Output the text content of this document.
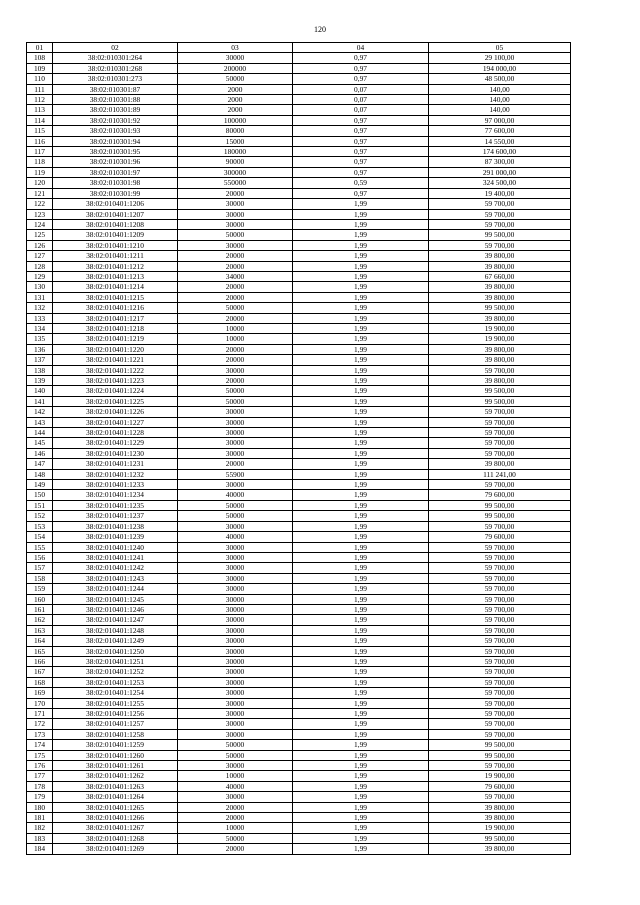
120
01	02	03	04	05
108	38:02:010301:264	30000	0,97	29 100,00
109	38:02:010301:268	200000	0,97	194 000,00
110	38:02:010301:273	50000	0,97	48 500,00
111	38:02:010301:87	2000	0,07	140,00
112	38:02:010301:88	2000	0,07	140,00
113	38:02:010301:89	2000	0,07	140,00
114	38:02:010301:92	100000	0,97	97 000,00
115	38:02:010301:93	80000	0,97	77 600,00
116	38:02:010301:94	15000	0,97	14 550,00
117	38:02:010301:95	180000	0,97	174 600,00
118	38:02:010301:96	90000	0,97	87 300,00
119	38:02:010301:97	300000	0,97	291 000,00
120	38:02:010301:98	550000	0,59	324 500,00
121	38:02:010301:99	20000	0,97	19 400,00
122	38:02:010401:1206	30000	1,99	59 700,00
123	38:02:010401:1207	30000	1,99	59 700,00
124	38:02:010401:1208	30000	1,99	59 700,00
125	38:02:010401:1209	50000	1,99	99 500,00
126	38:02:010401:1210	30000	1,99	59 700,00
127	38:02:010401:1211	20000	1,99	39 800,00
128	38:02:010401:1212	20000	1,99	39 800,00
129	38:02:010401:1213	34000	1,99	67 660,00
130	38:02:010401:1214	20000	1,99	39 800,00
131	38:02:010401:1215	20000	1,99	39 800,00
132	38:02:010401:1216	50000	1,99	99 500,00
133	38:02:010401:1217	20000	1,99	39 800,00
134	38:02:010401:1218	10000	1,99	19 900,00
135	38:02:010401:1219	10000	1,99	19 900,00
136	38:02:010401:1220	20000	1,99	39 800,00
137	38:02:010401:1221	20000	1,99	39 800,00
138	38:02:010401:1222	30000	1,99	59 700,00
139	38:02:010401:1223	20000	1,99	39 800,00
140	38:02:010401:1224	50000	1,99	99 500,00
141	38:02:010401:1225	50000	1,99	99 500,00
142	38:02:010401:1226	30000	1,99	59 700,00
143	38:02:010401:1227	30000	1,99	59 700,00
144	38:02:010401:1228	30000	1,99	59 700,00
145	38:02:010401:1229	30000	1,99	59 700,00
146	38:02:010401:1230	30000	1,99	59 700,00
147	38:02:010401:1231	20000	1,99	39 800,00
148	38:02:010401:1232	55900	1,99	111 241,00
149	38:02:010401:1233	30000	1,99	59 700,00
150	38:02:010401:1234	40000	1,99	79 600,00
151	38:02:010401:1235	50000	1,99	99 500,00
152	38:02:010401:1237	50000	1,99	99 500,00
153	38:02:010401:1238	30000	1,99	59 700,00
154	38:02:010401:1239	40000	1,99	79 600,00
155	38:02:010401:1240	30000	1,99	59 700,00
156	38:02:010401:1241	30000	1,99	59 700,00
157	38:02:010401:1242	30000	1,99	59 700,00
158	38:02:010401:1243	30000	1,99	59 700,00
159	38:02:010401:1244	30000	1,99	59 700,00
160	38:02:010401:1245	30000	1,99	59 700,00
161	38:02:010401:1246	30000	1,99	59 700,00
162	38:02:010401:1247	30000	1,99	59 700,00
163	38:02:010401:1248	30000	1,99	59 700,00
164	38:02:010401:1249	30000	1,99	59 700,00
165	38:02:010401:1250	30000	1,99	59 700,00
166	38:02:010401:1251	30000	1,99	59 700,00
167	38:02:010401:1252	30000	1,99	59 700,00
168	38:02:010401:1253	30000	1,99	59 700,00
169	38:02:010401:1254	30000	1,99	59 700,00
170	38:02:010401:1255	30000	1,99	59 700,00
171	38:02:010401:1256	30000	1,99	59 700,00
172	38:02:010401:1257	30000	1,99	59 700,00
173	38:02:010401:1258	30000	1,99	59 700,00
174	38:02:010401:1259	50000	1,99	99 500,00
175	38:02:010401:1260	50000	1,99	99 500,00
176	38:02:010401:1261	30000	1,99	59 700,00
177	38:02:010401:1262	10000	1,99	19 900,00
178	38:02:010401:1263	40000	1,99	79 600,00
179	38:02:010401:1264	30000	1,99	59 700,00
180	38:02:010401:1265	20000	1,99	39 800,00
181	38:02:010401:1266	20000	1,99	39 800,00
182	38:02:010401:1267	10000	1,99	19 900,00
183	38:02:010401:1268	50000	1,99	99 500,00
184	38:02:010401:1269	20000	1,99	39 800,00
